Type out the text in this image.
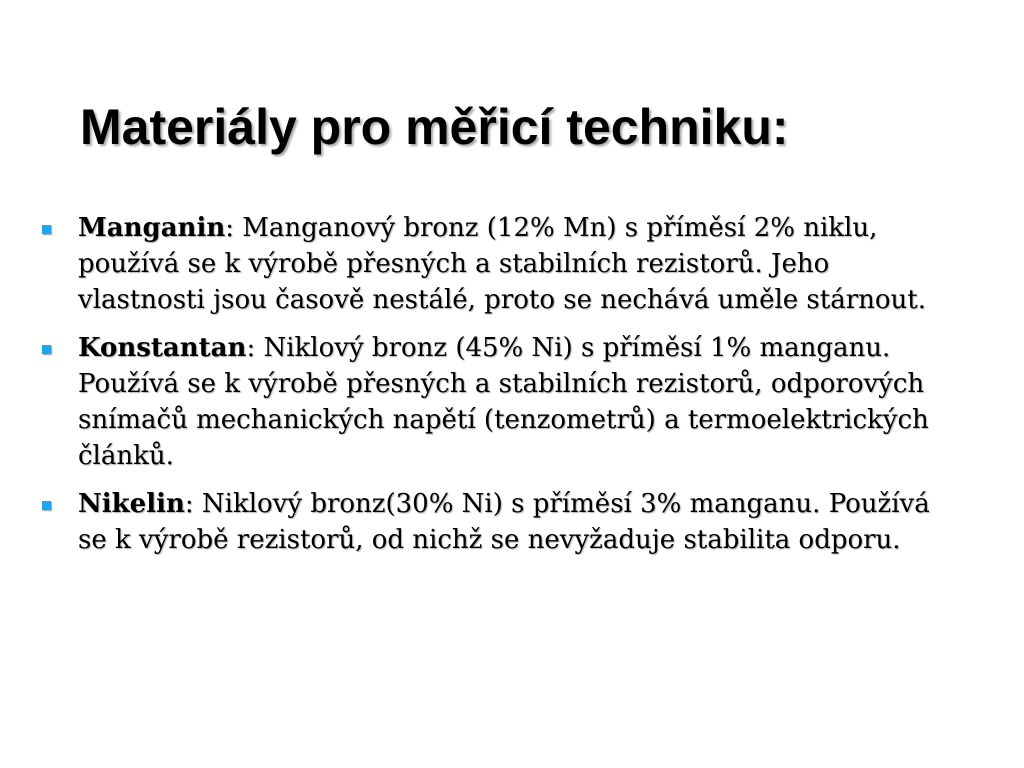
Materiály pro měřicí techniku:
Manganin: Manganový bronz (12% Mn) s příměsí 2% niklu, používá se k výrobě přesných a stabilních rezistorů. Jeho vlastnosti jsou časově nestálé, proto se nechává uměle stárnout.
Konstantan: Niklový bronz (45% Ni) s příměsí 1% manganu. Používá se k výrobě přesných a stabilních rezistorů, odporových snímačů mechanických napětí (tenzometrů) a termoelektrických článků.
Nikelin: Niklový bronz(30% Ni) s příměsí 3% manganu. Používá se k výrobě rezistorů, od nichž se nevyžaduje stabilita odporu.
